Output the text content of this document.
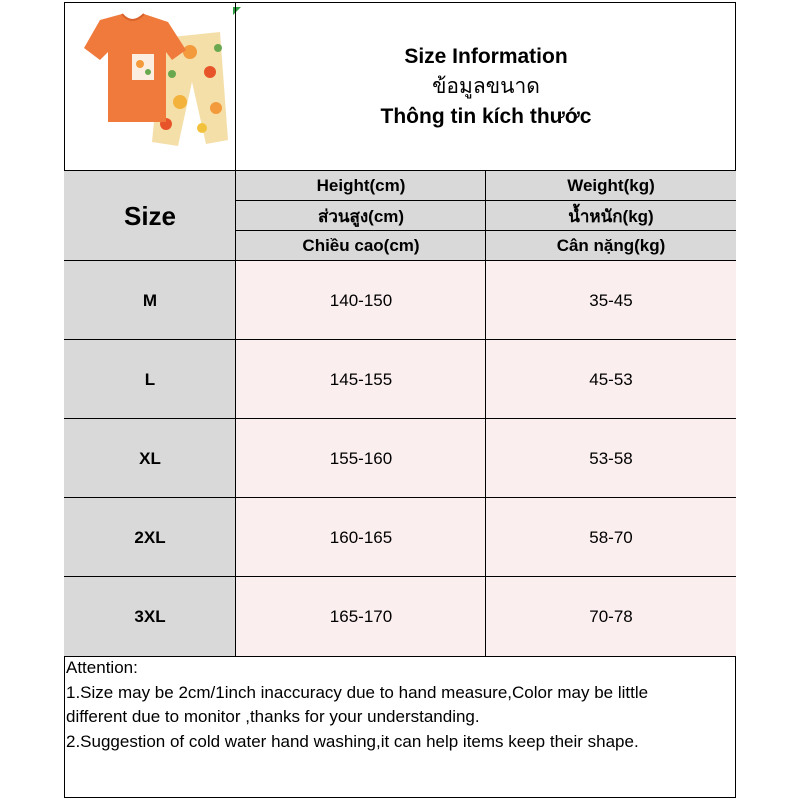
Size Information
ข้อมูลขนาด
Thông tin kích thước
Size
Height(cm)
ส่วนสูง(cm)
Chiều cao(cm)
Weight(kg)
น้ำหนัก(kg)
Cân nặng(kg)
M	140-150	35-45
L	145-155	45-53
XL	155-160	53-58
2XL	160-165	58-70
3XL	165-170	70-78
Attention:
1.Size may be 2cm/1inch inaccuracy due to hand measure,Color may be little
different due to monitor ,thanks for your understanding.
2.Suggestion of cold water hand washing,it can help items keep their shape.
